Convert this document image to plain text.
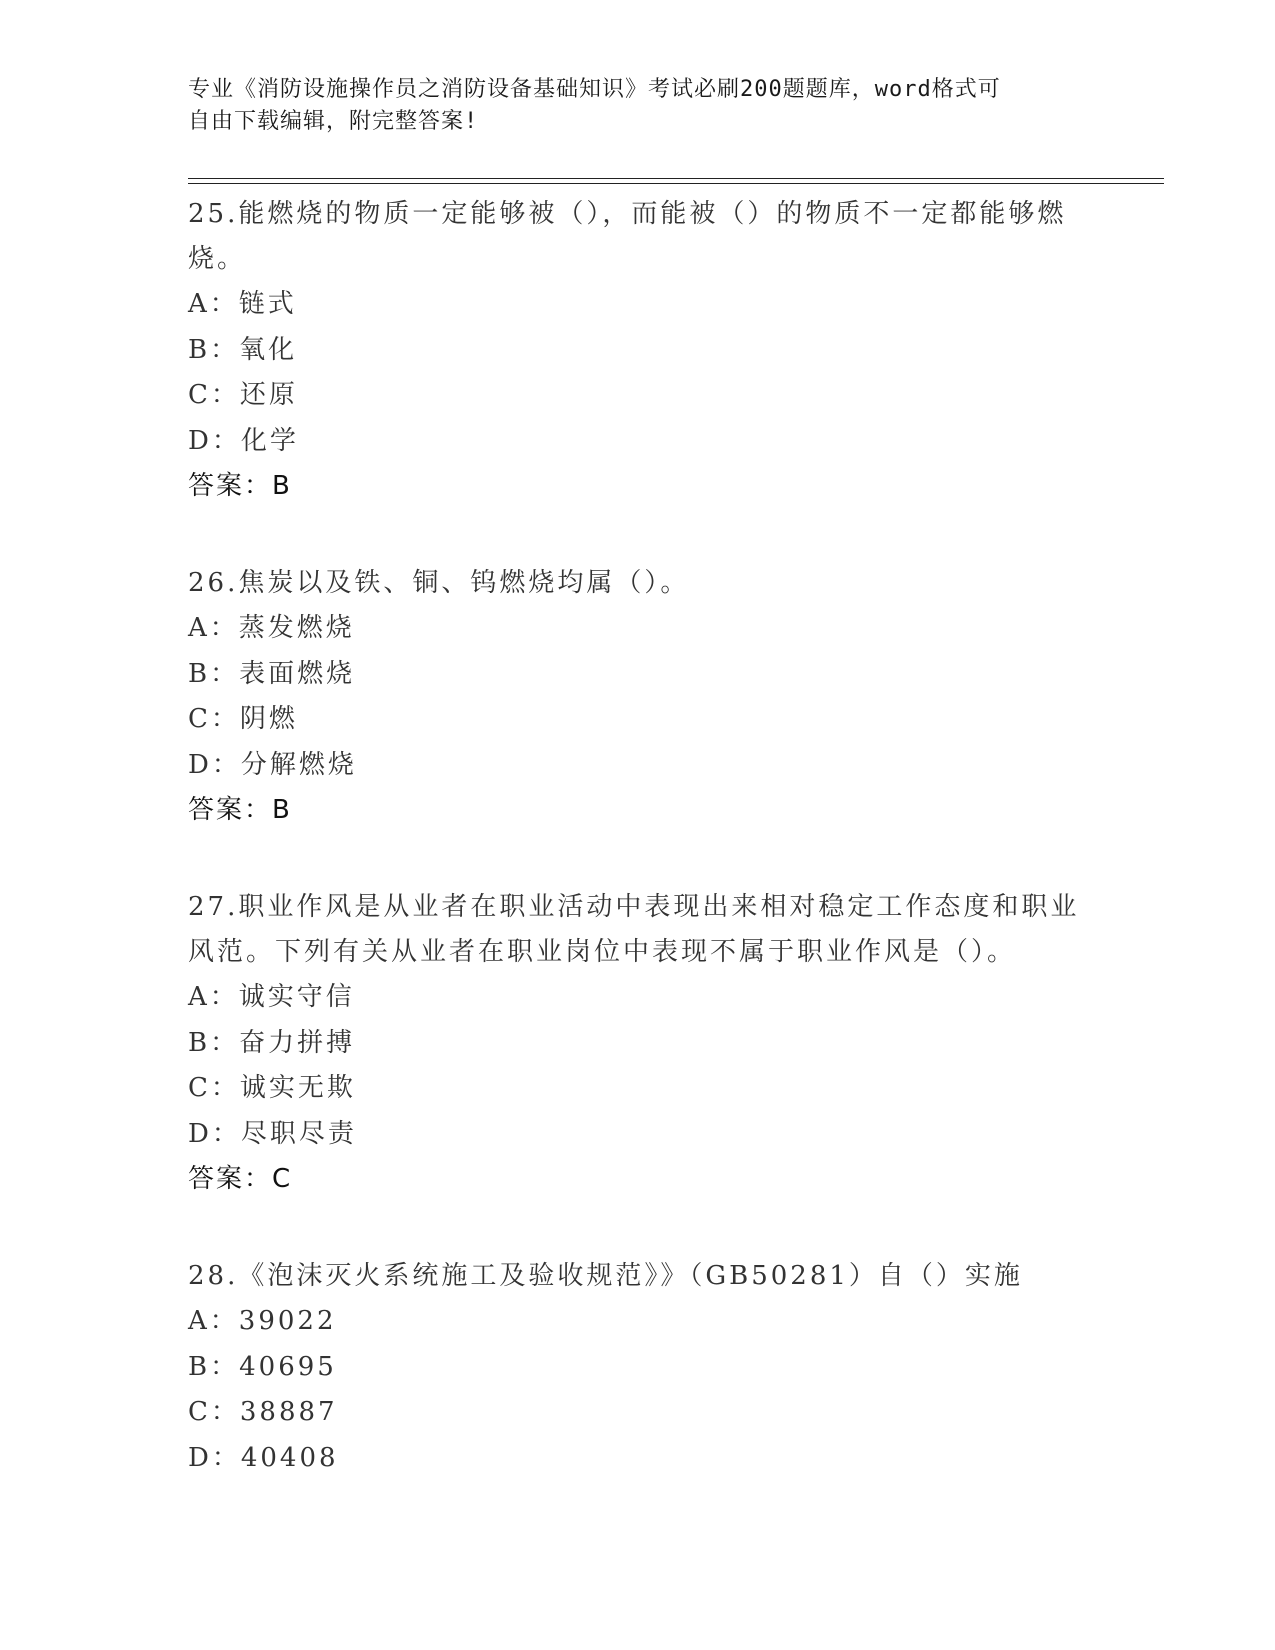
专业《消防设施操作员之消防设备基础知识》考试必刷200题题库，word格式可
自由下载编辑，附完整答案!

25.能燃烧的物质一定能够被（），而能被（）的物质不一定都能够燃烧。

A：链式

B：氧化

C：还原

D：化学

答案：B

26.焦炭以及铁、铜、钨燃烧均属（）。

A：蒸发燃烧

B：表面燃烧

C：阴燃

D：分解燃烧

答案：B

27.职业作风是从业者在职业活动中表现出来相对稳定工作态度和职业风范。下列有关从业者在职业岗位中表现不属于职业作风是（）。

A：诚实守信

B：奋力拼搏

C：诚实无欺

D：尽职尽责

答案：C

28.《泡沫灭火系统施工及验收规范》》（GB50281）自（）实施

A：39022

B：40695

C：38887

D：40408
